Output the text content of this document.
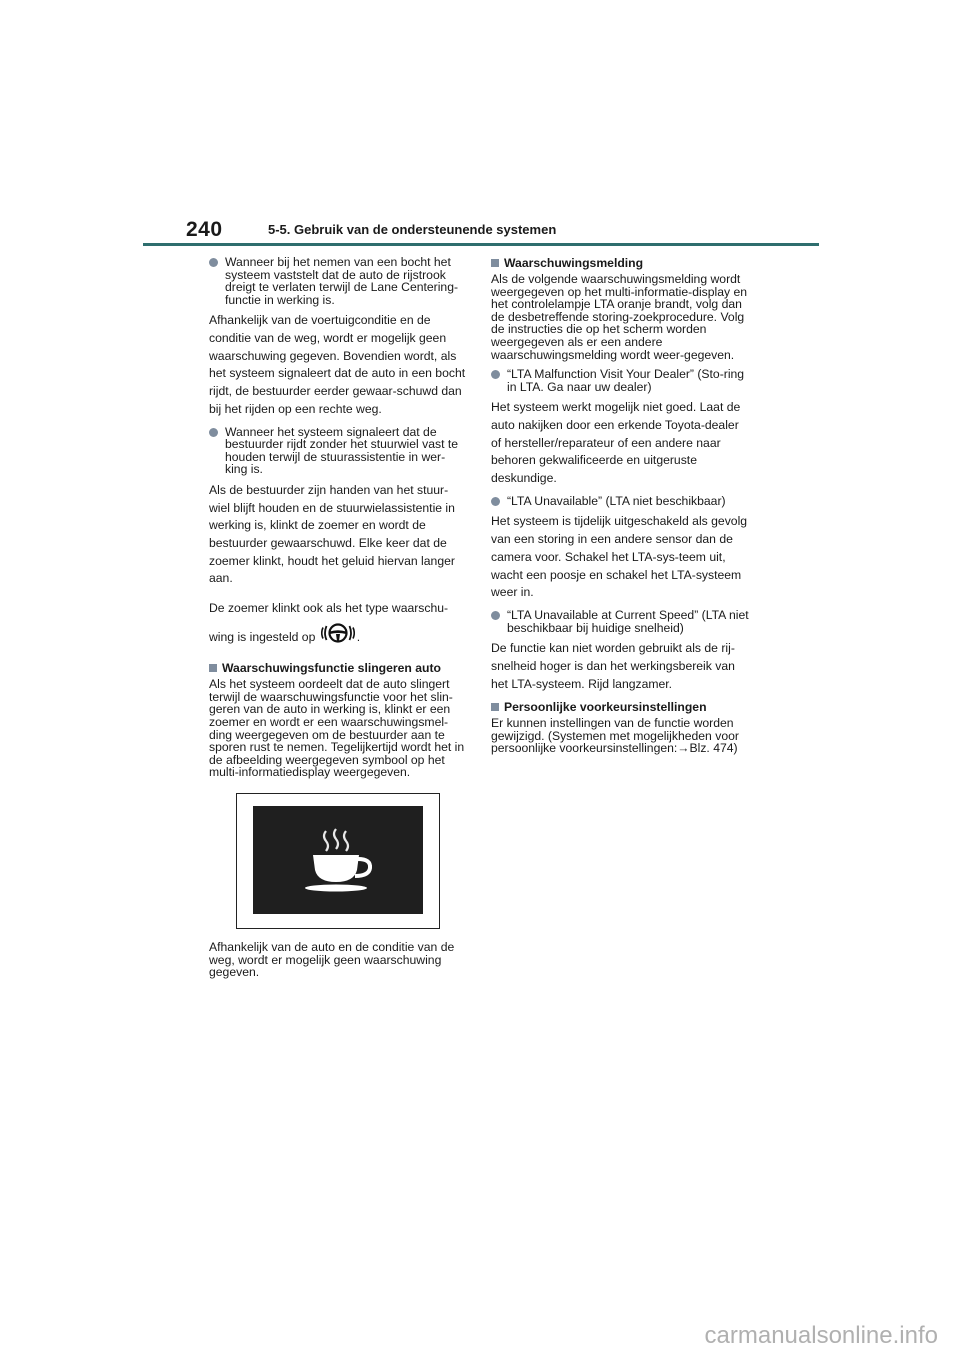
240	5-5. Gebruik van de ondersteunende systemen
Wanneer bij het nemen van een bocht het systeem vaststelt dat de auto de rijstrook dreigt te verlaten terwijl de Lane Centering-functie in werking is.
Afhankelijk van de voertuigconditie en de conditie van de weg, wordt er mogelijk geen waarschuwing gegeven. Bovendien wordt, als het systeem signaleert dat de auto in een bocht rijdt, de bestuurder eerder gewaar-schuwd dan bij het rijden op een rechte weg.
Wanneer het systeem signaleert dat de bestuurder rijdt zonder het stuurwiel vast te houden terwijl de stuurassistentie in wer-king is.
Als de bestuurder zijn handen van het stuur-wiel blijft houden en de stuurwielassistentie in werking is, klinkt de zoemer en wordt de bestuurder gewaarschuwd. Elke keer dat de zoemer klinkt, houdt het geluid hiervan langer aan.
De zoemer klinkt ook als het type waarschu-wing is ingesteld op	.
Waarschuwingsfunctie slingeren auto
Als het systeem oordeelt dat de auto slingert terwijl de waarschuwingsfunctie voor het slin-geren van de auto in werking is, klinkt er een zoemer en wordt er een waarschuwingsmel-ding weergegeven om de bestuurder aan te sporen rust te nemen. Tegelijkertijd wordt het in de afbeelding weergegeven symbool op het multi-informatiedisplay weergegeven.
Afhankelijk van de auto en de conditie van de weg, wordt er mogelijk geen waarschuwing gegeven.
Waarschuwingsmelding
Als de volgende waarschuwingsmelding wordt weergegeven op het multi-informatie-display en het controlelampje LTA oranje brandt, volg dan de desbetreffende storing-zoekprocedure. Volg de instructies die op het scherm worden weergegeven als er een andere waarschuwingsmelding wordt weer-gegeven.
“LTA Malfunction Visit Your Dealer” (Sto-ring in LTA. Ga naar uw dealer)
Het systeem werkt mogelijk niet goed. Laat de auto nakijken door een erkende Toyota-dealer of hersteller/reparateur of een andere naar behoren gekwalificeerde en uitgeruste deskundige.
“LTA Unavailable” (LTA niet beschikbaar)
Het systeem is tijdelijk uitgeschakeld als gevolg van een storing in een andere sensor dan de camera voor. Schakel het LTA-sys-teem uit, wacht een poosje en schakel het LTA-systeem weer in.
“LTA Unavailable at Current Speed” (LTA niet beschikbaar bij huidige snelheid)
De functie kan niet worden gebruikt als de rij-snelheid hoger is dan het werkingsbereik van het LTA-systeem. Rijd langzamer.
Persoonlijke voorkeursinstellingen
Er kunnen instellingen van de functie worden gewijzigd. (Systemen met mogelijkheden voor persoonlijke voorkeursinstellingen:→Blz. 474)
carmanualsonline.info
